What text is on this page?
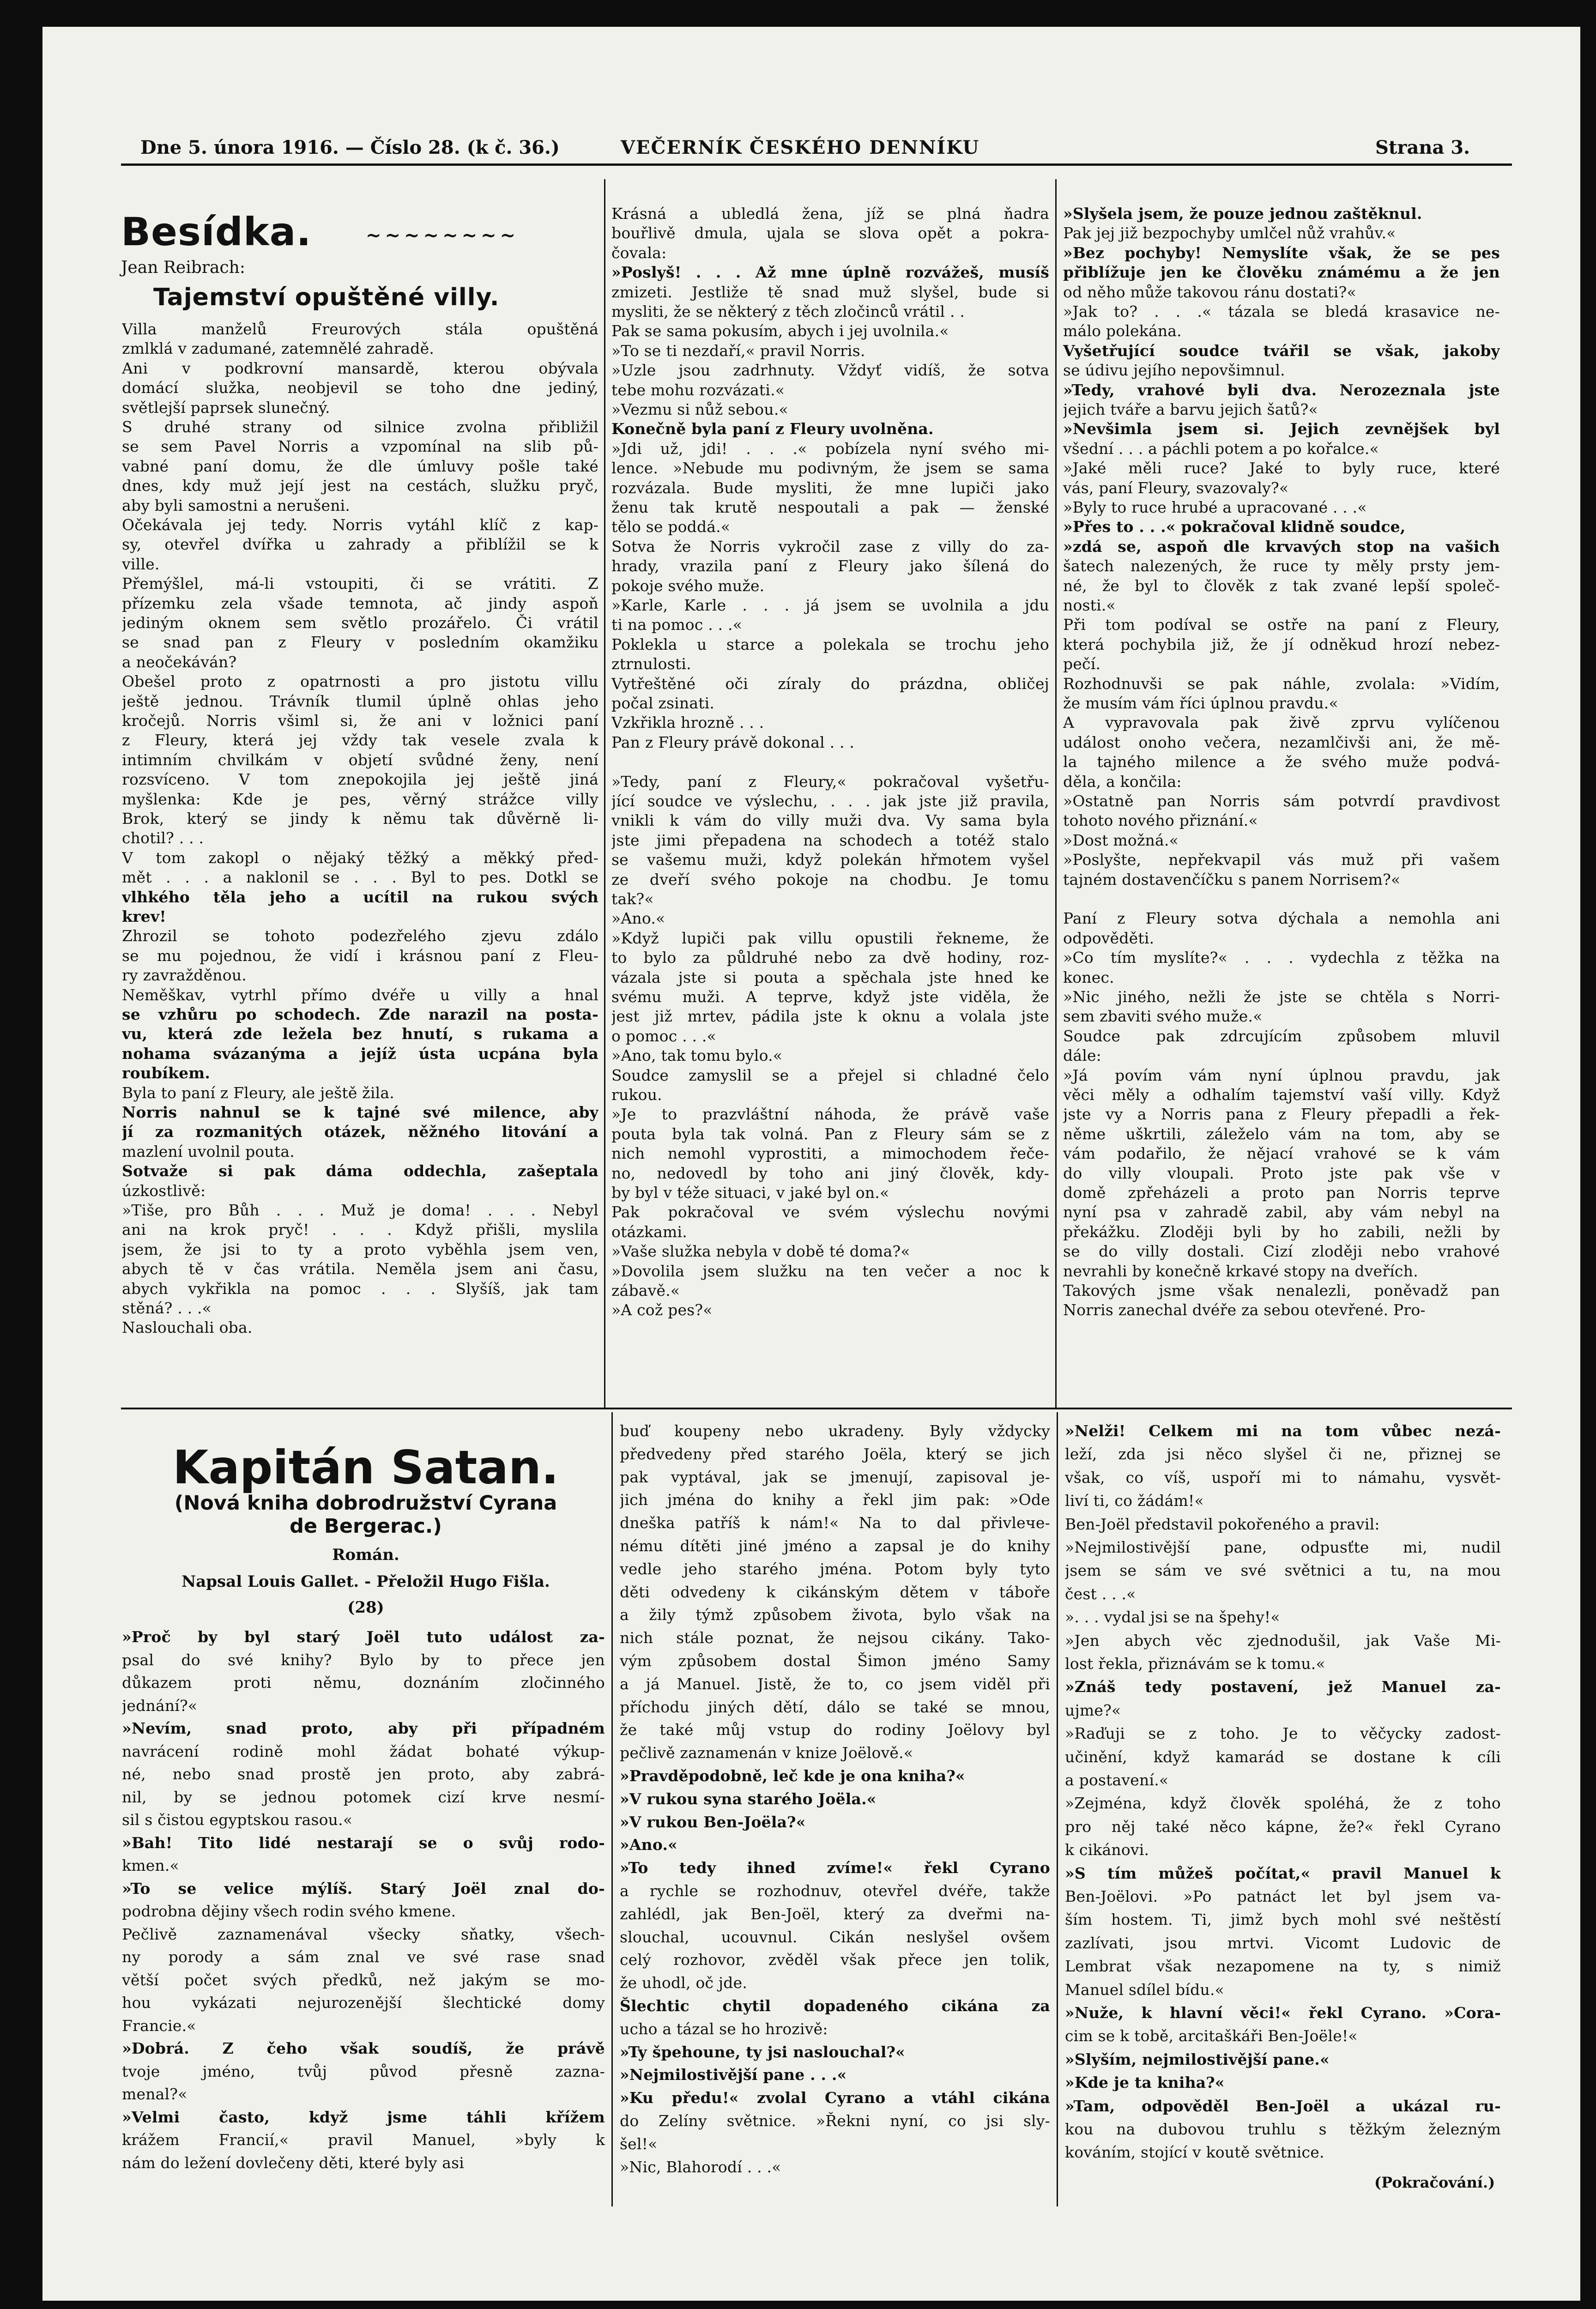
Dne 5. února 1916. — Číslo 28. (k č. 36.)	VEČERNÍK ČESKÉHO DENNÍKU	Strana 3.
Besídka.	~~~~~~~~
Jean Reibrach:
Tajemství opuštěné villy.

Villa manželů Freurových stála opuštěná

zmlklá v zadumané, zatemnělé zahradě.

Ani v podkrovní mansardě, kterou obývala

domácí služka, neobjevil se toho dne jediný,

světlejší paprsek slunečný.

S druhé strany od silnice zvolna přibližil

se sem Pavel Norris a vzpomínal na slib pů-

vabné paní domu, že dle úmluvy pošle také

dnes, kdy muž její jest na cestách, služku pryč,

aby byli samostni a nerušeni.

Očekávala jej tedy. Norris vytáhl klíč z kap-

sy, otevřel dvířka u zahrady a přiblížil se k

ville.

Přemýšlel, má-li vstoupiti, či se vrátiti. Z

přízemku zela všade temnota, ač jindy aspoň

jediným oknem sem světlo prozářelo. Či vrátil

se snad pan z Fleury v posledním okamžiku

a neočekáván?

Obešel proto z opatrnosti a pro jistotu villu

ještě jednou. Trávník tlumil úplně ohlas jeho

kročejů. Norris všiml si, že ani v ložnici paní

z Fleury, která jej vždy tak vesele zvala k

intimním chvilkám v objetí svůdné ženy, není

rozsvíceno. V tom znepokojila jej ještě jiná

myšlenka: Kde je pes, věrný strážce villy

Brok, který se jindy k němu tak důvěrně li-

chotil? . . .

V tom zakopl o nějaký těžký a měkký před-

mět . . . a naklonil se . . . Byl to pes. Dotkl se

vlhkého těla jeho a ucítil na rukou svých

krev!

Zhrozil se tohoto podezřelého zjevu zdálo

se mu pojednou, že vidí i krásnou paní z Fleu-

ry zavražděnou.

Neměškav, vytrhl přímo dvéře u villy a hnal

se vzhůru po schodech. Zde narazil na posta-

vu, která zde ležela bez hnutí, s rukama a

nohama svázanýma a jejíž ústa ucpána byla

roubíkem.

Byla to paní z Fleury, ale ještě žila.

Norris nahnul se k tajné své milence, aby

jí za rozmanitých otázek, něžného litování a

mazlení uvolnil pouta.

Sotvaže si pak dáma oddechla, zašeptala

úzkostlivě:

»Tiše, pro Bůh . . . Muž je doma! . . . Nebyl

ani na krok pryč! . . . Když přišli, myslila

jsem, že jsi to ty a proto vyběhla jsem ven,

abych tě v čas vrátila. Neměla jsem ani času,

abych vykřikla na pomoc . . . Slyšíš, jak tam

stěná? . . .«

Naslouchali oba.

Krásná a ubledlá žena, jíž se plná ňadra

bouřlivě dmula, ujala se slova opět a pokra-

čovala:

»Poslyš! . . . Až mne úplně rozvážeš, musíš

zmizeti. Jestliže tě snad muž slyšel, bude si

mysliti, že se některý z těch zločinců vrátil . .

Pak se sama pokusím, abych i jej uvolnila.«

»To se ti nezdaří,« pravil Norris.

»Uzle jsou zadrhnuty. Vždyť vidíš, že sotva

tebe mohu rozvázati.«

»Vezmu si nůž sebou.«

Konečně byla paní z Fleury uvolněna.

»Jdi už, jdi! . . .« pobízela nyní svého mi-

lence. »Nebude mu podivným, že jsem se sama

rozvázala. Bude mysliti, že mne lupiči jako

ženu tak krutě nespoutali a pak — ženské

tělo se poddá.«

Sotva že Norris vykročil zase z villy do za-

hrady, vrazila paní z Fleury jako šílená do

pokoje svého muže.

»Karle, Karle . . . já jsem se uvolnila a jdu

ti na pomoc . . .«

Poklekla u starce a polekala se trochu jeho

ztrnulosti.

Vytřeštěné oči zíraly do prázdna, obličej

počal zsinati.

Vzkřikla hrozně . . .

Pan z Fleury právě dokonal . . .

»Tedy, paní z Fleury,« pokračoval vyšetřu-

jící soudce ve výslechu, . . . jak jste již pravila,

vnikli k vám do villy muži dva. Vy sama byla

jste jimi přepadena na schodech a totéž stalo

se vašemu muži, když polekán hřmotem vyšel

ze dveří svého pokoje na chodbu. Je tomu

tak?«

»Ano.«

»Když lupiči pak villu opustili řekneme, že

to bylo za půldruhé nebo za dvě hodiny, roz-

vázala jste si pouta a spěchala jste hned ke

svému muži. A teprve, když jste viděla, že

jest již mrtev, pádila jste k oknu a volala jste

o pomoc . . .«

»Ano, tak tomu bylo.«

Soudce zamyslil se a přejel si chladné čelo

rukou.

»Je to prazvláštní náhoda, že právě vaše

pouta byla tak volná. Pan z Fleury sám se z

nich nemohl vyprostiti, a mimochodem řeče-

no, nedovedl by toho ani jiný člověk, kdy-

by byl v téže situaci, v jaké byl on.«

Pak pokračoval ve svém výslechu novými

otázkami.

»Vaše služka nebyla v době té doma?«

»Dovolila jsem služku na ten večer a noc k

zábavě.«

»A což pes?«

»Slyšela jsem, že pouze jednou zaštěknul.

Pak jej již bezpochyby umlčel nůž vrahův.«

»Bez pochyby! Nemyslíte však, že se pes

přiblížuje jen ke člověku známému a že jen

od něho může takovou ránu dostati?«

»Jak to? . . .« tázala se bledá krasavice ne-

málo polekána.

Vyšetřující soudce tvářil se však, jakoby

se údivu jejího nepovšimnul.

»Tedy, vrahové byli dva. Nerozeznala jste

jejich tváře a barvu jejich šatů?«

»Nevšimla jsem si. Jejich zevnějšek byl

všední . . . a páchli potem a po kořalce.«

»Jaké měli ruce? Jaké to byly ruce, které

vás, paní Fleury, svazovaly?«

»Byly to ruce hrubé a upracované . . .«

»Přes to . . .« pokračoval klidně soudce,

»zdá se, aspoň dle krvavých stop na vašich

šatech nalezených, že ruce ty měly prsty jem-

né, že byl to člověk z tak zvané lepší společ-

nosti.«

Při tom podíval se ostře na paní z Fleury,

která pochybila již, že jí odněkud hrozí nebez-

pečí.

Rozhodnuvši se pak náhle, zvolala: »Vidím,

že musím vám říci úplnou pravdu.«

A vypravovala pak živě zprvu vylíčenou

událost onoho večera, nezamlčivši ani, že mě-

la tajného milence a že svého muže podvá-

děla, a končila:

»Ostatně pan Norris sám potvrdí pravdivost

tohoto nového přiznání.«

»Dost možná.«

»Poslyšte, nepřekvapil vás muž při vašem

tajném dostavenčíčku s panem Norrisem?«

Paní z Fleury sotva dýchala a nemohla ani

odpověděti.

»Co tím myslíte?« . . . vydechla z těžka na

konec.

»Nic jiného, nežli že jste se chtěla s Norri-

sem zbaviti svého muže.«

Soudce pak zdrcujícím způsobem mluvil

dále:

»Já povím vám nyní úplnou pravdu, jak

věci měly a odhalím tajemství vaší villy. Když

jste vy a Norris pana z Fleury přepadli a řek-

něme uškrtili, záleželo vám na tom, aby se

vám podařilo, že nějací vrahové se k vám

do villy vloupali. Proto jste pak vše v

domě zpřeházeli a proto pan Norris teprve

nyní psa v zahradě zabil, aby vám nebyl na

překážku. Zloději byli by ho zabili, nežli by

se do villy dostali. Cizí zloději nebo vrahové

nevrahli by konečně krkavé stopy na dveřích.

Takových jsme však nenalezli, poněvadž pan

Norris zanechal dvéře za sebou otevřené. Pro-

Kapitán Satan.
(Nová kniha dobrodružství Cyrana
de Bergerac.)
Román.
Napsal Louis Gallet. - Přeložil Hugo Fišla.
(28)

»Proč by byl starý Joël tuto událost za-

psal do své knihy? Bylo by to přece jen

důkazem proti němu, doznáním zločinného

jednání?«

»Nevím, snad proto, aby při případném

navrácení rodině mohl žádat bohaté výkup-

né, nebo snad prostě jen proto, aby zabrá-

nil, by se jednou potomek cizí krve nesmí-

sil s čistou egyptskou rasou.«

»Bah! Tito lidé nestarají se o svůj rodo-

kmen.«

»To se velice mýlíš. Starý Joël znal do-

podrobna dějiny všech rodin svého kmene.

Pečlivě zaznamenával všecky sňatky, všech-

ny porody a sám znal ve své rase snad

větší počet svých předků, než jakým se mo-

hou vykázati nejurozenější šlechtické domy

Francie.«

»Dobrá. Z čeho však soudíš, že právě

tvoje jméno, tvůj původ přesně zazna-

menal?«

»Velmi často, když jsme táhli křížem

krážem Francií,« pravil Manuel, »byly k

nám do ležení dovlečeny děti, které byly asi

buď koupeny nebo ukradeny. Byly vždycky

předvedeny před starého Joëla, který se jich

pak vyptával, jak se jmenují, zapisoval je-

jich jména do knihy a řekl jim pak: »Ode

dneška patříš k nám!« Na to dal přivlече-

nému dítěti jiné jméno a zapsal je do knihy

vedle jeho starého jména. Potom byly tyto

děti odvedeny k cikánským dětem v táboře

a žily týmž způsobem života, bylo však na

nich stále poznat, že nejsou cikány. Tako-

vým způsobem dostal Šimon jméno Samy

a já Manuel. Jistě, že to, co jsem viděl při

příchodu jiných dětí, dálo se také se mnou,

že také můj vstup do rodiny Joëlovy byl

pečlivě zaznamenán v knize Joëlově.«

»Pravděpodobně, leč kde je ona kniha?«

»V rukou syna starého Joëla.«

»V rukou Ben-Joëla?«

»Ano.«

»To tedy ihned zvíme!« řekl Cyrano

a rychle se rozhodnuv, otevřel dvéře, takže

zahlédl, jak Ben-Joël, který za dveřmi na-

slouchal, ucouvnul. Cikán neslyšel ovšem

celý rozhovor, zvěděl však přece jen tolik,

že uhodl, oč jde.

Šlechtic chytil dopadeného cikána za

ucho a tázal se ho hrozivě:

»Ty špehoune, ty jsi naslouchal?«

»Nejmilostivější pane . . .«

»Ku předu!« zvolal Cyrano a vtáhl cikána

do Zelíny světnice. »Řekni nyní, co jsi sly-

šel!«

»Nic, Blahorodí . . .«

»Nelži! Celkem mi na tom vůbec nezá-

leží, zda jsi něco slyšel či ne, přiznej se

však, co víš, uspoří mi to námahu, vysvět-

liví ti, co žádám!«

Ben-Joël představil pokořeného a pravil:

»Nejmilostivější pane, odpusťte mi, nudil

jsem se sám ve své světnici a tu, na mou

čest . . .«

». . . vydal jsi se na špehy!«

»Jen abych věc zjednodušil, jak Vaše Mi-

lost řekla, přiznávám se k tomu.«

»Znáš tedy postavení, jež Manuel za-

ujme?«

»Raďuji se z toho. Je to věčycky zadost-

učinění, když kamarád se dostane k cíli

a postavení.«

»Zejména, když člověk spoléhá, že z toho

pro něj také něco kápne, že?« řekl Cyrano

k cikánovi.

»S tím můžeš počítat,« pravil Manuel k

Ben-Joëlovi. »Po patnáct let byl jsem va-

ším hostem. Ti, jimž bych mohl své neštěstí

zazlívati, jsou mrtvi. Vicomt Ludovic de

Lembrat však nezapomene na ty, s nimiž

Manuel sdílel bídu.«

»Nuže, k hlavní věci!« řekl Cyrano. »Cora-

cim se k tobě, arcitaškáři Ben-Joële!«

»Slyším, nejmilostivější pane.«

»Kde je ta kniha?«

»Tam, odpověděl Ben-Joël a ukázal ru-

kou na dubovou truhlu s těžkým železným

kováním, stojící v koutě světnice.

(Pokračování.)
